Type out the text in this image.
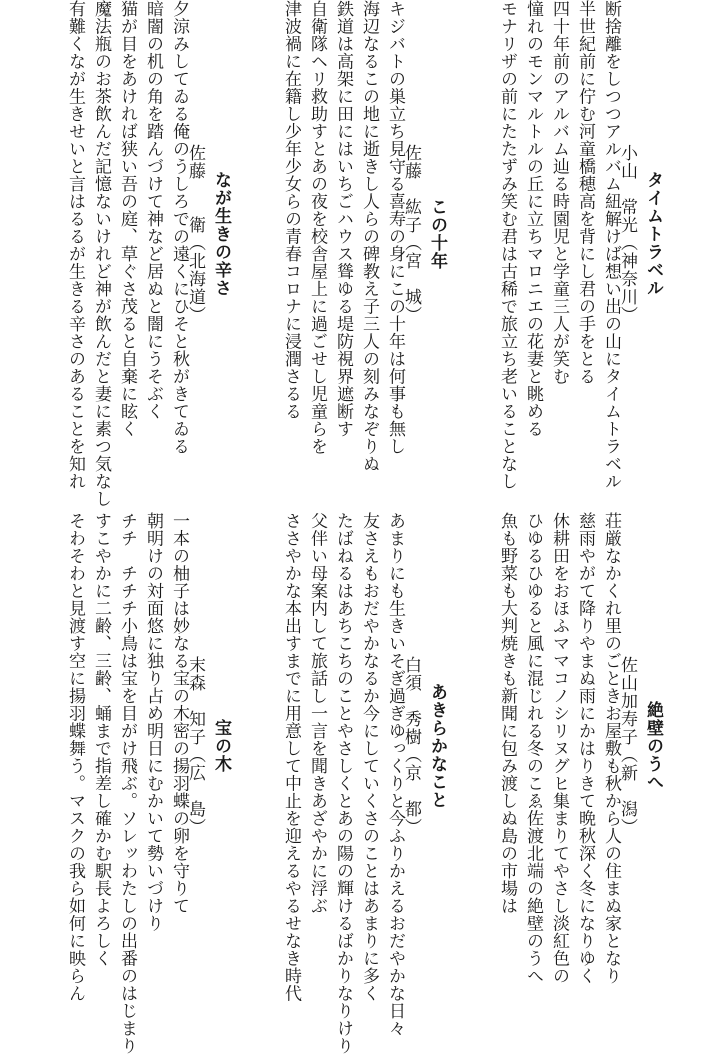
タイムトラベル
小山　常光（神奈川）
断捨離をしつつアルバム紐解けば想い出の山にタイムトラベル
半世紀前に佇む河童橋穂高を背にし君の手をとる
四十年前のアルバム辿る時園児と学童三人が笑む
憧れのモンマルトルの丘に立ちマロニエの花妻と眺める
モナリザの前にたたずみ笑む君は古稀で旅立ち老いることなし
この十年
佐藤　紘子（宮　城）
キジバトの巣立ち見守る喜寿の身にこの十年は何事も無し
海辺なるこの地に逝きし人らの碑教え子三人の刻みなぞりぬ
鉄道は高架に田にはいちごハウス聳ゆる堤防視界遮断す
自衛隊ヘリ救助すとあの夜を校舎屋上に過ごせし児童らを
津波禍に在籍し少年少女らの青春コロナに浸潤さるる
なが生きの辛さ
佐藤　　衛（北海道）
夕涼みしてゐる俺のうしろでの遠くにひそと秋がきてゐる
暗闇の机の角を踏んづけて神など居ぬと闇にうそぶく
猫が目をあければ狭い吾の庭、草ぐさ茂ると自棄に眩く
魔法瓶のお茶飲んだ記憶ないけれど神が飲んだと妻に素つ気なし
有難くなが生きせいと言はるるが生きる辛さのあることを知れ
絶壁のうへ
佐山加寿子（新　潟）
荘厳なかくれ里のごときお屋敷も秋から人の住まぬ家となり
慈雨やがて降りやまぬ雨にかはりきて晩秋深く冬になりゆく
休耕田をおほふママコノシリヌグヒ集まりてやさし淡紅色の
ひゆるひゆると風に混じれる冬のこゑ佐渡北端の絶壁のうへ
魚も野菜も大判焼きも新聞に包み渡しぬ島の市場は
あきらかなこと
白須　秀樹（京　都）
あまりにも生きいそぎ過ぎゆっくりと今ふりかえるおだやかな日々
友さえもおだやかなるか今にしていくさのことはあまりに多く
たばねるはあちこちのことやさしくとあの陽の輝けるばかりなりけり
父伴い母案内して旅話し一言を聞きあざやかに浮ぶ
ささやかな本出すまでに用意して中止を迎えるやるせなき時代
宝の木
末森　知子（広　島）
一本の柚子は妙なる宝の木密の揚羽蝶の卵を守りて
朝明けの対面悠に独り占め明日にむかいて勢いづけり
チチ　チチチ小鳥は宝を目がけ飛ぶ。ソレッわたしの出番のはじまり
すこやかに二齢、三齢、蛹まで指差し確かむ駅長よろしく
そわそわと見渡す空に揚羽蝶舞う。マスクの我ら如何に映らん
